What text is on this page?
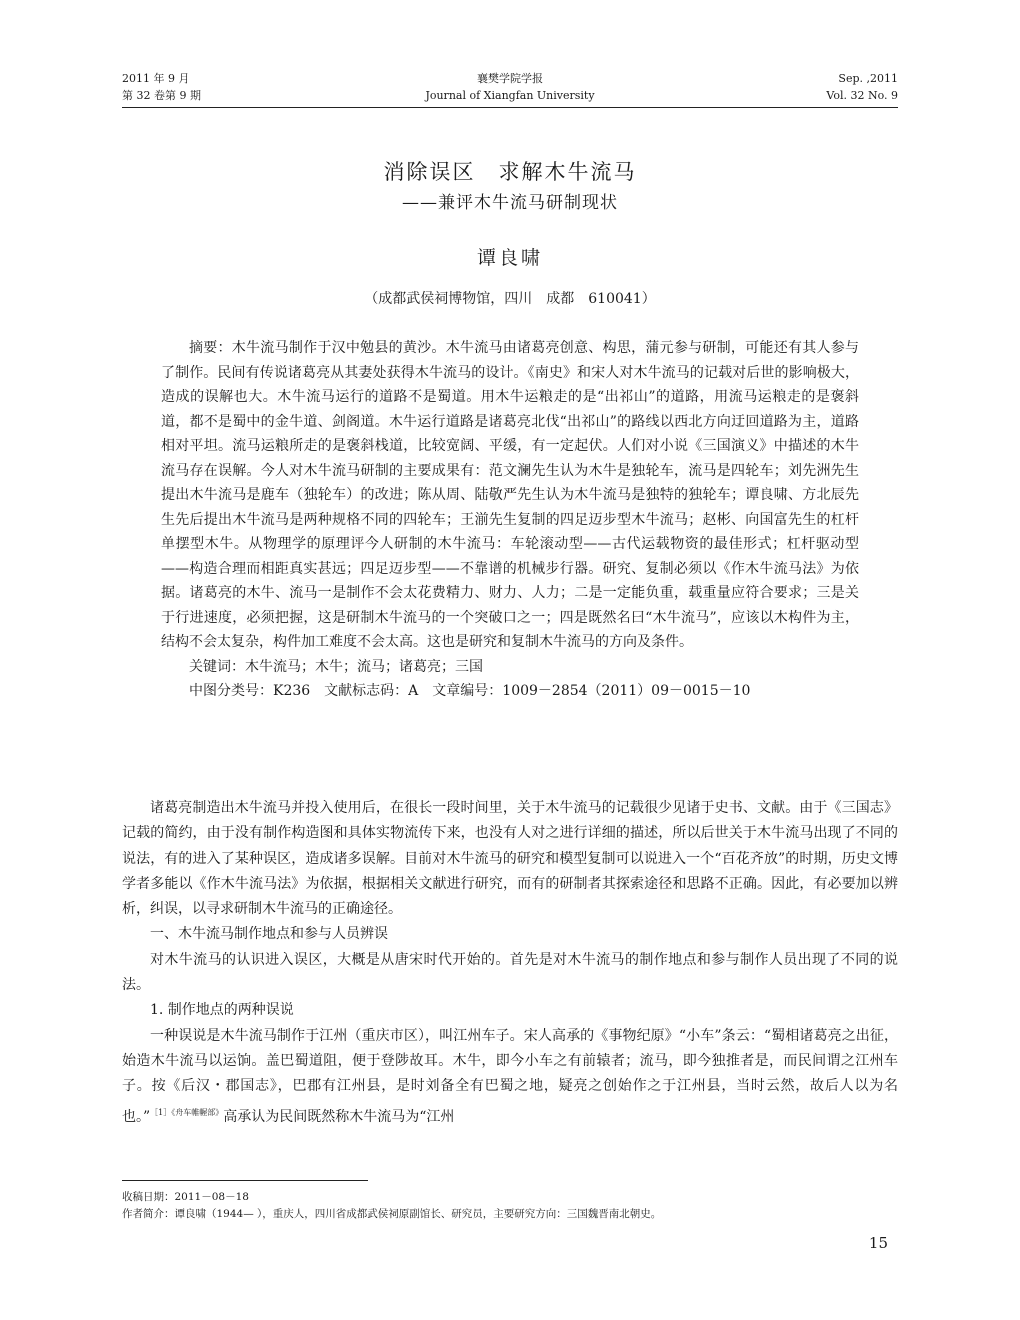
2011 年 9 月
第 32 卷第 9 期
襄樊学院学报
Journal of Xiangfan University
Sep. ,2011
Vol. 32 No. 9
消除误区　求解木牛流马
——兼评木牛流马研制现状
谭良啸
（成都武侯祠博物馆，四川　成都　610041）

摘要：木牛流马制作于汉中勉县的黄沙。木牛流马由诸葛亮创意、构思，蒲元参与研制，可能还有其人参与了制作。民间有传说诸葛亮从其妻处获得木牛流马的设计。《南史》和宋人对木牛流马的记载对后世的影响极大，造成的误解也大。木牛流马运行的道路不是蜀道。用木牛运粮走的是“出祁山”的道路，用流马运粮走的是褒斜道，都不是蜀中的金牛道、剑阁道。木牛运行道路是诸葛亮北伐“出祁山”的路线以西北方向迂回道路为主，道路相对平坦。流马运粮所走的是褒斜栈道，比较宽阔、平缓，有一定起伏。人们对小说《三国演义》中描述的木牛流马存在误解。今人对木牛流马研制的主要成果有：范文澜先生认为木牛是独轮车，流马是四轮车；刘先洲先生提出木牛流马是鹿车（独轮车）的改进；陈从周、陆敬严先生认为木牛流马是独特的独轮车；谭良啸、方北辰先生先后提出木牛流马是两种规格不同的四轮车；王湔先生复制的四足迈步型木牛流马；赵彬、向国富先生的杠杆单摆型木牛。从物理学的原理评今人研制的木牛流马：车轮滚动型——古代运载物资的最佳形式；杠杆驱动型——构造合理而相距真实甚远；四足迈步型——不靠谱的机械步行器。研究、复制必须以《作木牛流马法》为依据。诸葛亮的木牛、流马一是制作不会太花费精力、财力、人力；二是一定能负重，载重量应符合要求；三是关于行进速度，必须把握，这是研制木牛流马的一个突破口之一；四是既然名曰“木牛流马”，应该以木构件为主，结构不会太复杂，构件加工难度不会太高。这也是研究和复制木牛流马的方向及条件。

关键词：木牛流马；木牛；流马；诸葛亮；三国
中图分类号：K236　文献标志码：A　文章编号：1009－2854（2011）09－0015－10

诸葛亮制造出木牛流马并投入使用后，在很长一段时间里，关于木牛流马的记载很少见诸于史书、文献。由于《三国志》记载的简约，由于没有制作构造图和具体实物流传下来，也没有人对之进行详细的描述，所以后世关于木牛流马出现了不同的说法，有的进入了某种误区，造成诸多误解。目前对木牛流马的研究和模型复制可以说进入一个“百花齐放”的时期，历史文博学者多能以《作木牛流马法》为依据，根据相关文献进行研究，而有的研制者其探索途径和思路不正确。因此，有必要加以辨析，纠误，以寻求研制木牛流马的正确途径。

一、木牛流马制作地点和参与人员辨误

对木牛流马的认识进入误区，大概是从唐宋时代开始的。首先是对木牛流马的制作地点和参与制作人员出现了不同的说法。

1. 制作地点的两种误说

一种误说是木牛流马制作于江州（重庆市区），叫江州车子。宋人高承的《事物纪原》“小车”条云：“蜀相诸葛亮之出征，始造木牛流马以运饷。盖巴蜀道阻，便于登陟故耳。木牛，即今小车之有前辕者；流马，即今独推者是，而民间谓之江州车子。按《后汉・郡国志》，巴郡有江州县，是时刘备全有巴蜀之地，疑亮之创始作之于江州县，当时云然，故后人以为名也。”$^{[1]《舟车帷幄部》}$高承认为民间既然称木牛流马为“江州

收稿日期：2011－08－18
作者简介：谭良啸（1944— ），重庆人，四川省成都武侯祠原副馆长、研究员，主要研究方向：三国魏晋南北朝史。
15
